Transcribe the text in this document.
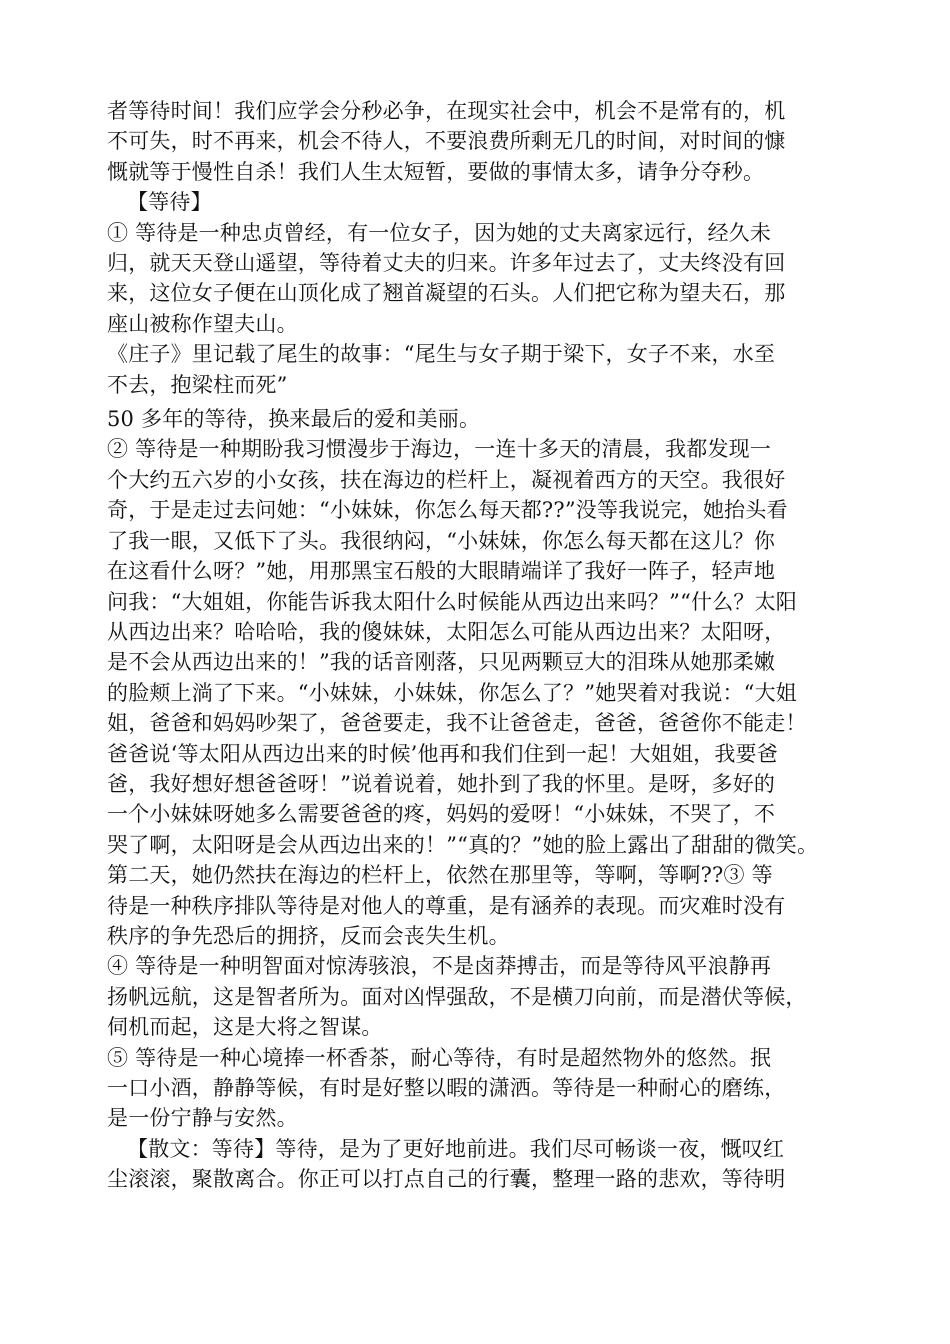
者等待时间！我们应学会分秒必争，在现实社会中，机会不是常有的，机
不可失，时不再来，机会不待人，不要浪费所剩无几的时间，对时间的慷
慨就等于慢性自杀！我们人生太短暂，要做的事情太多，请争分夺秒。
【等待】
① 等待是一种忠贞曾经，有一位女子，因为她的丈夫离家远行，经久未
归，就天天登山遥望，等待着丈夫的归来。许多年过去了，丈夫终没有回
来，这位女子便在山顶化成了翘首凝望的石头。人们把它称为望夫石，那
座山被称作望夫山。
《庄子》里记载了尾生的故事：“尾生与女子期于梁下，女子不来，水至
不去，抱梁柱而死”
50 多年的等待，换来最后的爱和美丽。
② 等待是一种期盼我习惯漫步于海边，一连十多天的清晨，我都发现一
个大约五六岁的小女孩，扶在海边的栏杆上，凝视着西方的天空。我很好
奇，于是走过去问她：“小妹妹，你怎么每天都??”没等我说完，她抬头看
了我一眼，又低下了头。我很纳闷，“小妹妹，你怎么每天都在这儿？你
在这看什么呀？”她，用那黑宝石般的大眼睛端详了我好一阵子，轻声地
问我：“大姐姐，你能告诉我太阳什么时候能从西边出来吗？”“什么？太阳
从西边出来？哈哈哈，我的傻妹妹，太阳怎么可能从西边出来？太阳呀，
是不会从西边出来的！”我的话音刚落，只见两颗豆大的泪珠从她那柔嫩
的脸颊上淌了下来。“小妹妹，小妹妹，你怎么了？”她哭着对我说：“大姐
姐，爸爸和妈妈吵架了，爸爸要走，我不让爸爸走，爸爸，爸爸你不能走！
爸爸说‘等太阳从西边出来的时候’他再和我们住到一起！大姐姐，我要爸
爸，我好想好想爸爸呀！”说着说着，她扑到了我的怀里。是呀，多好的
一个小妹妹呀她多么需要爸爸的疼，妈妈的爱呀！“小妹妹，不哭了，不
哭了啊，太阳呀是会从西边出来的！”“真的？”她的脸上露出了甜甜的微笑。
第二天，她仍然扶在海边的栏杆上，依然在那里等，等啊，等啊??③ 等
待是一种秩序排队等待是对他人的尊重，是有涵养的表现。而灾难时没有
秩序的争先恐后的拥挤，反而会丧失生机。
④ 等待是一种明智面对惊涛骇浪，不是卤莽搏击，而是等待风平浪静再
扬帆远航，这是智者所为。面对凶悍强敌，不是横刀向前，而是潜伏等候，
伺机而起，这是大将之智谋。
⑤ 等待是一种心境捧一杯香茶，耐心等待，有时是超然物外的悠然。抿
一口小酒，静静等候，有时是好整以暇的潇洒。等待是一种耐心的磨练，
是一份宁静与安然。
【散文：等待】等待，是为了更好地前进。我们尽可畅谈一夜，慨叹红
尘滚滚，聚散离合。你正可以打点自己的行囊，整理一路的悲欢，等待明
